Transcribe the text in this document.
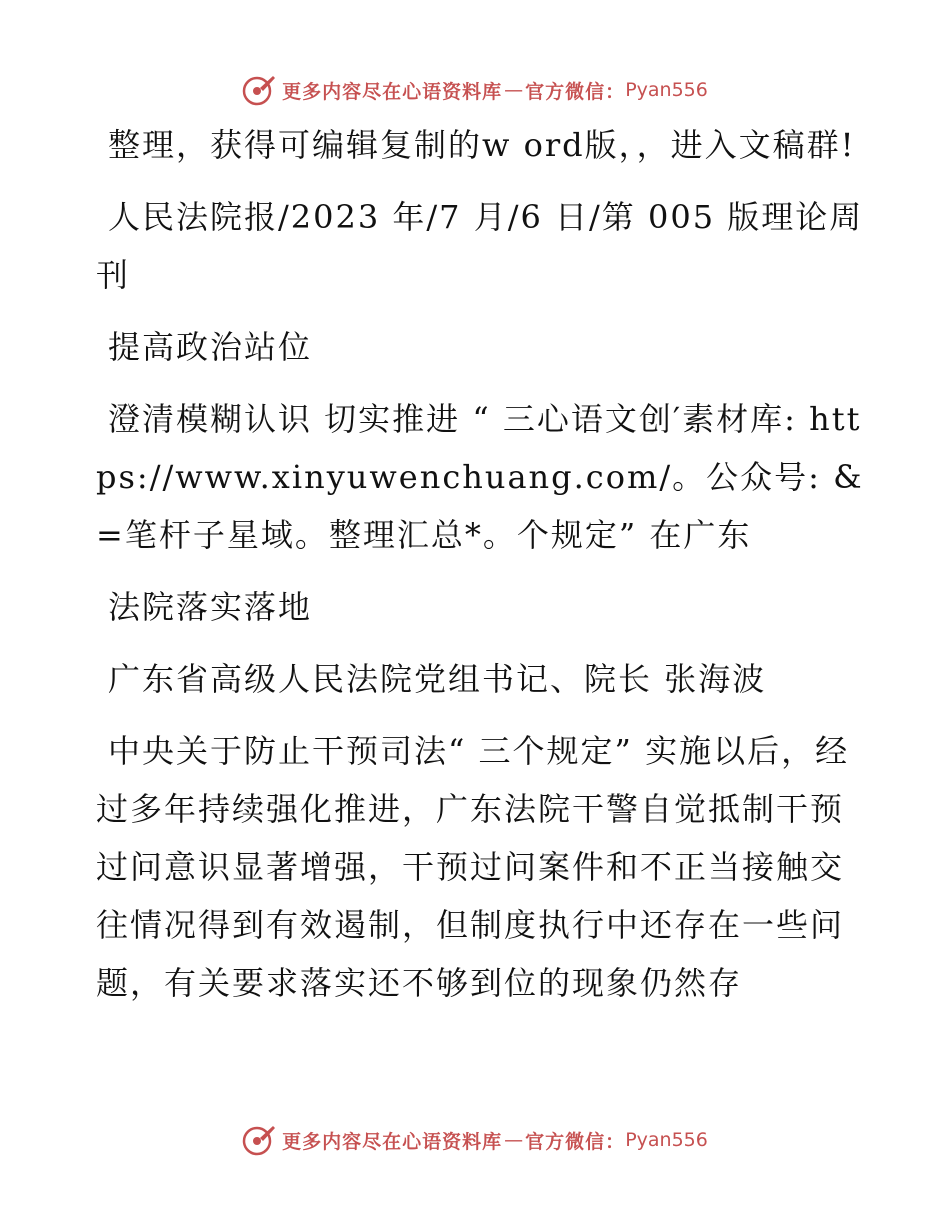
更多内容尽在心语资料库 — 官方微信： Pyan556

整理，获得可编辑复制的w ord版，，进入文稿群!

人民法院报/2023 年/7 月/6 日/第 005 版理论周刊

提高政治站位

澄清模糊认识 切实推进 “ 三心语文创′素材库: https://www.xinyuwenchuang.com/。公众号: &=笔杆子星域。整理汇总*。个规定” 在广东

法院落实落地

广东省高级人民法院党组书记、院长 张海波

中央关于防止干预司法“ 三个规定” 实施以后，经过多年持续强化推进，广东法院干警自觉抵制干预过问意识显著增强，干预过问案件和不正当接触交往情况得到有效遏制，但制度执行中还存在一些问题，有关要求落实还不够到位的现象仍然存

更多内容尽在心语资料库 — 官方微信： Pyan556
